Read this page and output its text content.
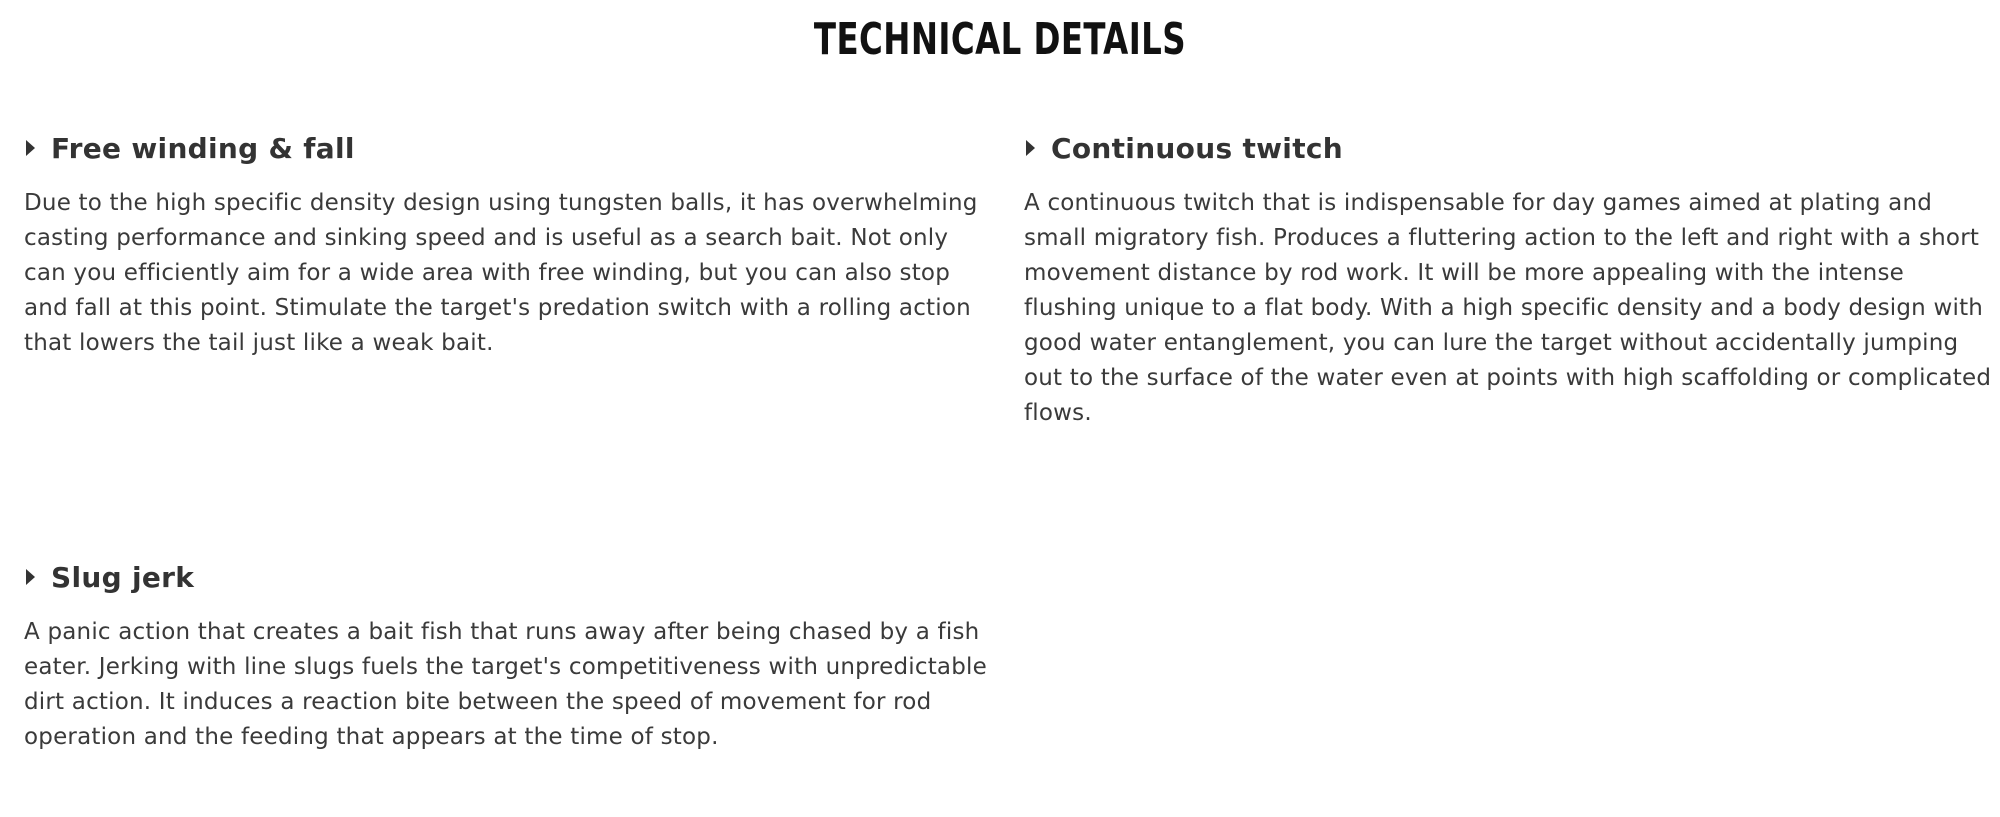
TECHNICAL DETAILS
Free winding & fall

Due to the high specific density design using tungsten balls, it has overwhelming casting performance and sinking speed and is useful as a search bait. Not only can you efficiently aim for a wide area with free winding, but you can also stop and fall at this point. Stimulate the target's predation switch with a rolling action that lowers the tail just like a weak bait.

Continuous twitch

A continuous twitch that is indispensable for day games aimed at plating and small migratory fish. Produces a fluttering action to the left and right with a short movement distance by rod work. It will be more appealing with the intense flushing unique to a flat body. With a high specific density and a body design with good water entanglement, you can lure the target without accidentally jumping out to the surface of the water even at points with high scaffolding or complicated flows.

Slug jerk

A panic action that creates a bait fish that runs away after being chased by a fish eater. Jerking with line slugs fuels the target's competitiveness with unpredictable dirt action. It induces a reaction bite between the speed of movement for rod operation and the feeding that appears at the time of stop.
